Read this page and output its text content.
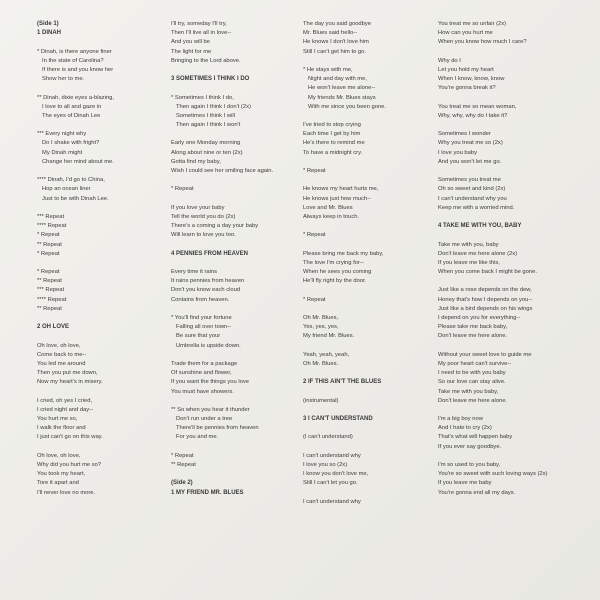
(Side 1)
1 DINAH
* Dinah, is there anyone finer
In the state of Carolina?
If there is and you know her
Show her to me.
** Dinah, dixie eyes a-blazing,
I love to all and gaze in
The eyes of Dinah Lee
*** Every night why
Do I shake with fright?
My Dinah might
Change her mind about me.
**** Dinah, I'd go to China,
Hop an ocean liner
Just to be with Dinah Lee.
*** Repeat
**** Repeat
* Repeat
** Repeat
* Repeat
* Repeat
** Repeat
*** Repeat
**** Repeat
** Repeat
2 OH LOVE
Oh love, oh love,
Come back to me--
You led me around
Then you put me down,
Now my heart's in misery.
I cried, oh yes I cried,
I cried night and day--
You hurt me so,
I walk the floor and
I just can't go on this way.
Oh love, oh love,
Why did you hurt me so?
You took my heart,
Tore it apart and
I'll never love no more.
I'll try, someday I'll try,
Then I'll live all in love--
And you will be
The light for me
Bringing to the Lord above.
3 SOMETIMES I THINK I DO
* Sometimes I think I do,
Then again I think I don't (2x)
Sometimes I think I will
Then again I think I won't
Early one Monday morning
Along about nine or ten (2x)
Gotta find my baby,
Wish I could see her smiling face again.
* Repeat
If you love your baby
Tell the world you do (2x)
There's a coming a day your baby
Will learn to love you too.
4 PENNIES FROM HEAVEN
Every time it rains
It rains pennies from heaven
Don't you know each cloud
Contains from heaven.
* You'll find your fortune
Falling all over town--
Be sure that your
Umbrella is upside down.
Trade them for a package
Of sunshine and flower,
If you want the things you love
You must have showers.
** So when you hear it thunder
Don't run under a tree
There'll be pennies from heaven
For you and me.
* Repeat
** Repeat
(Side 2)
1 MY FRIEND MR. BLUES
The day you said goodbye
Mr. Blues said hello--
He knows I don't love him
Still I can't get him to go.
* He stays with me,
Night and day with me,
He won't leave me alone--
My friends Mr. Blues stays
With me since you been gone.
I've tried to stop crying
Each time I get by him
He's there to remind me
To have a midnight cry.
* Repeat
He knows my heart hurts me,
He knows just how much--
Love and Mr. Blues
Always keep in touch.
* Repeat
Please bring me back my baby,
The love I'm crying for--
When he sees you coming
He'll fly right by the door.
* Repeat
Oh Mr. Blues,
Yes, yes, yes,
My friend Mr. Blues.
Yeah, yeah, yeah,
Oh Mr. Blues.
2 IF THIS AIN'T THE BLUES
(instrumental)
3 I CAN'T UNDERSTAND
(I can't understand)
I can't understand why
I love you so (2x)
I know you don't love me,
Still I can't let you go.
I can't understand why
You treat me so unfair (2x)
How can you hurt me
When you know how much I care?
Why do I
Let you hold my heart
When I know, know, know
You're gonna break it?
You treat me so mean woman,
Why, why, why do I take it?
Sometimes I wonder
Why you treat me so (2x)
I love you baby
And you won't let me go.
Sometimes you treat me
Oh so sweet and kind (2x)
I can't understand why you
Keep me with a worried mind.
4 TAKE ME WITH YOU, BABY
Take me with you, baby
Don't leave me here alone (2x)
If you leave me like this,
When you come back I might be gone.
Just like a rose depends on the dew,
Honey that's how I depends on you--
Just like a bird depends on his wings
I depend on you for everything--
Please take me back baby,
Don't leave me here alone.
Without your sweet love to guide me
My poor heart can't survive--
I need to be with you baby
So our love can stay alive.
Take me with you baby,
Don't leave me here alone.
I'm a big boy now
And I hate to cry (2x)
That's what will happen baby
If you ever say goodbye.
I'm so used to you baby,
You're so sweet with such loving ways (2x)
If you leave me baby
You're gonna end all my days.
